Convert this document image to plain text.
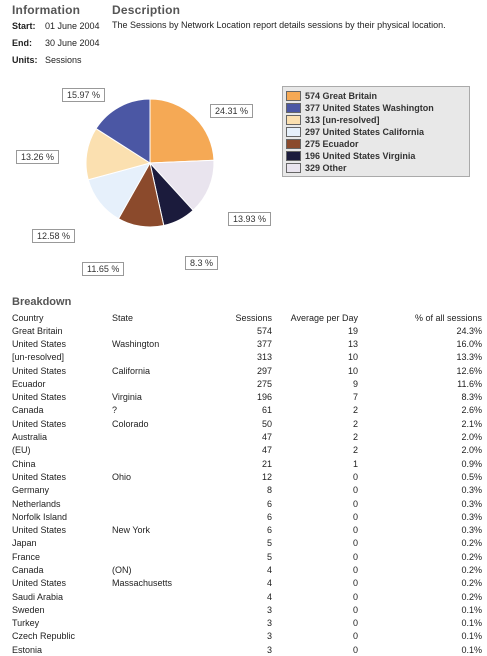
Information	Description
Start: 01 June 2004
End: 30 June 2004
Units: Sessions
The Sessions by Network Location report details sessions by their physical location.
24.31 %
13.93 %
8.3 %
11.65 %
12.58 %
13.26 %
15.97 %	574 Great Britain
377 United States Washington
313 [un-resolved]
297 United States California
275 Ecuador
196 United States Virginia
329 Other
Breakdown
Country	State	Sessions	Average per Day	% of all sessions
Great Britain		574	19	24.3%
United States	Washington	377	13	16.0%
[un-resolved]		313	10	13.3%
United States	California	297	10	12.6%
Ecuador		275	9	11.6%
United States	Virginia	196	7	8.3%
Canada	?	61	2	2.6%
United States	Colorado	50	2	2.1%
Australia		47	2	2.0%
(EU)		47	2	2.0%
China		21	1	0.9%
United States	Ohio	12	0	0.5%
Germany		8	0	0.3%
Netherlands		6	0	0.3%
Norfolk Island		6	0	0.3%
United States	New York	6	0	0.3%
Japan		5	0	0.2%
France		5	0	0.2%
Canada	(ON)	4	0	0.2%
United States	Massachusetts	4	0	0.2%
Saudi Arabia		4	0	0.2%
Sweden		3	0	0.1%
Turkey		3	0	0.1%
Czech Republic		3	0	0.1%
Estonia		3	0	0.1%
